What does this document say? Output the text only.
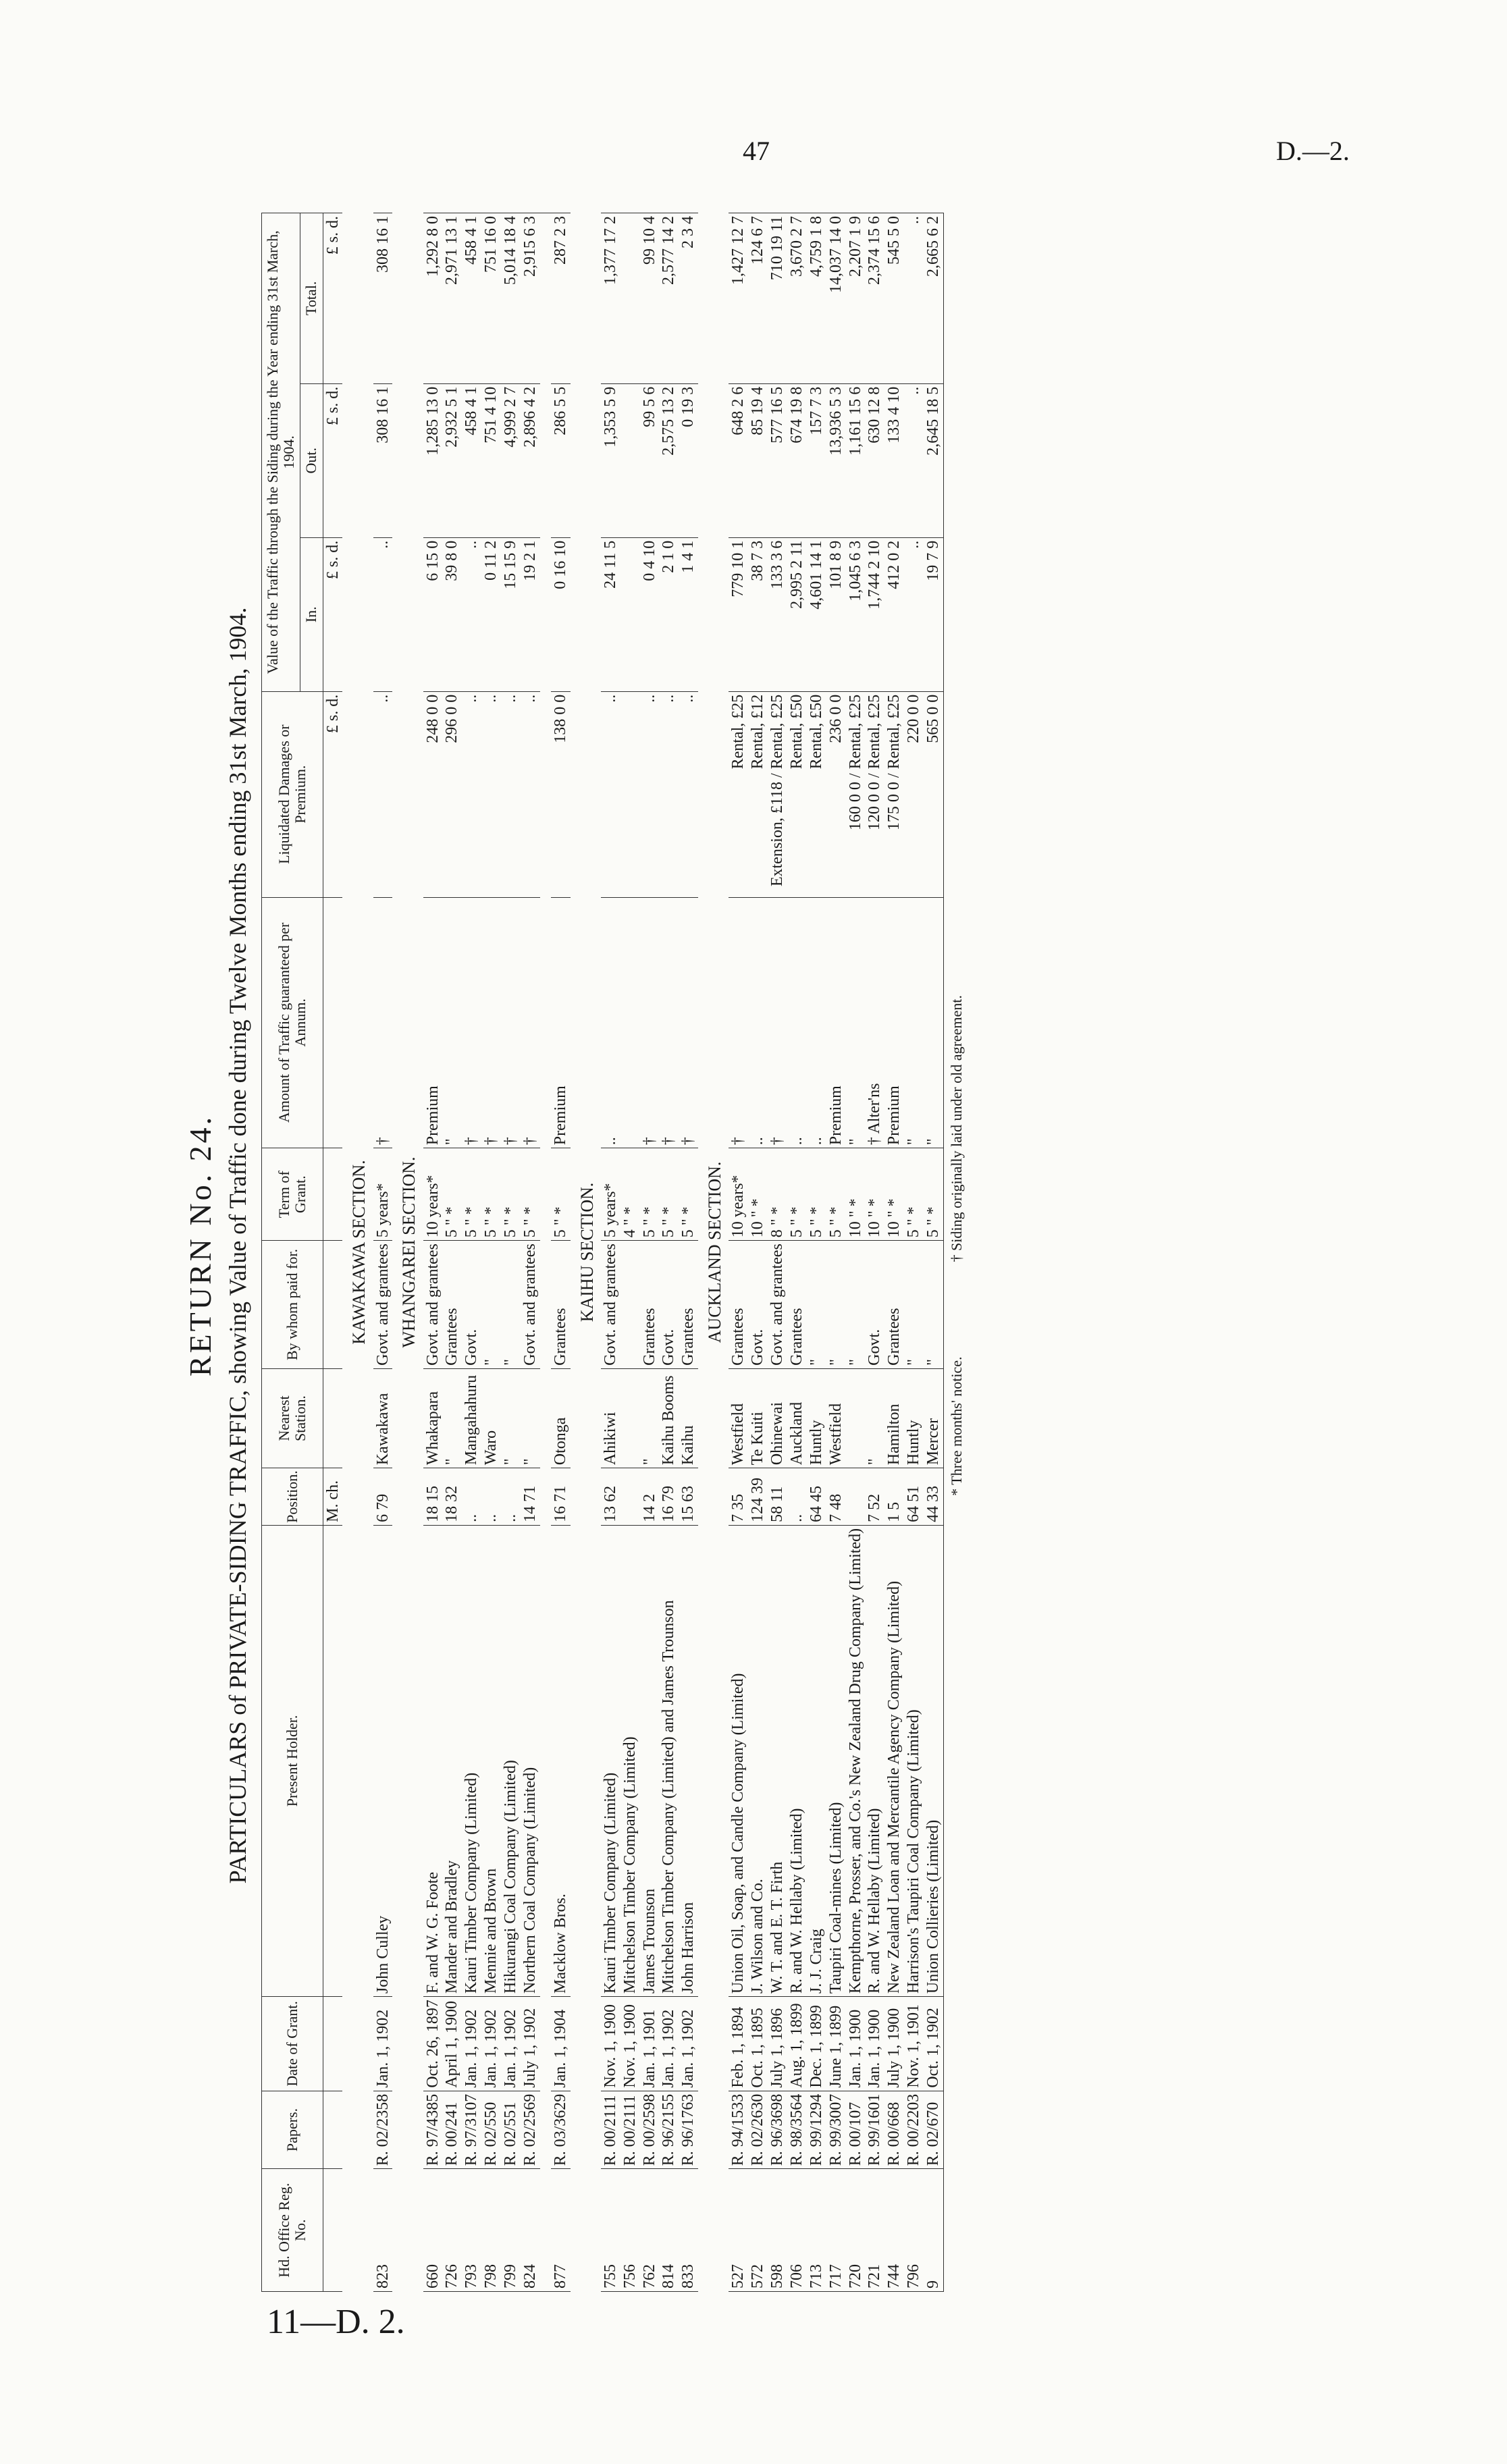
47	D.—2.
11—D. 2.
RETURN No. 24. PARTICULARS of PRIVATE-SIDING TRAFFIC, showing Value of Traffic done during Twelve Months ending 31st March, 1904.
Hd. Office Reg. No.	Papers.	Date of Grant.	Present Holder.	Position.	Nearest Station.	By whom paid for.	Term of Grant.	Amount of Traffic guaranteed per Annum.	Liquidated Damages or Premium.	Value of the Traffic through the Siding during the Year ending 31st March, 1904.		
										In.	Out.	Total.
				M. ch.					£ s. d.	£ s. d.	£ s. d.	£ s. d.
KAWAKAWA SECTION.												
823	R. 02/2358	Jan. 1, 1902	John Culley	6 79	Kawakawa	Govt. and grantees	5 years*	†	..	..	308 16 1	308 16 1
WHANGAREI SECTION.												
660	R. 97/4385	Oct. 26, 1897	F. and W. G. Foote	18 15	Whakapara	Govt. and grantees	10 years*	Premium	248 0 0	6 15 0	1,285 13 0	1,292 8 0
726	R. 00/241	April 1, 1900	Mander and Bradley	18 32	"	Grantees	5 " *	"	296 0 0	39 8 0	2,932 5 1	2,971 13 1
793	R. 97/3107	Jan. 1, 1902	Kauri Timber Company (Limited)	..	Mangahahuru	Govt.	5 " *	†	..	..	458 4 1	458 4 1
798	R. 02/550	Jan. 1, 1902	Mennie and Brown	..	Waro	"	5 " *	†	..	0 11 2	751 4 10	751 16 0
799	R. 02/551	Jan. 1, 1902	Hikurangi Coal Company (Limited)	..	"	"	5 " *	†	..	15 15 9	4,999 2 7	5,014 18 4
824	R. 02/2569	July 1, 1902	Northern Coal Company (Limited)	14 71	"	Govt. and grantees	5 " *	†	..	19 2 1	2,896 4 2	2,915 6 3

877	R. 03/3629	Jan. 1, 1904	Macklow Bros.	16 71	Otonga	Grantees	5 " *	Premium	138 0 0	0 16 10	286 5 5	287 2 3
KAIHU SECTION.												
755	R. 00/2111	Nov. 1, 1900	Kauri Timber Company (Limited)	13 62	Ahikiwi	Govt. and grantees	5 years*	..	..	24 11 5	1,353 5 9	1,377 17 2
756	R. 00/2111	Nov. 1, 1900	Mitchelson Timber Company (Limited)				4 " *					
762	R. 00/2598	Jan. 1, 1901	James Trounson	14 2	"	Grantees	5 " *	†	..	0 4 10	99 5 6	99 10 4
814	R. 96/2155	Jan. 1, 1902	Mitchelson Timber Company (Limited) and James Trounson	16 79	Kaihu Booms	Govt.	5 " *	†	..	2 1 0	2,575 13 2	2,577 14 2
833	R. 96/1763	Jan. 1, 1902	John Harrison	15 63	Kaihu	Grantees	5 " *	†	..	1 4 1	0 19 3	2 3 4
AUCKLAND SECTION.												
527	R. 94/1533	Feb. 1, 1894	Union Oil, Soap, and Candle Company (Limited)	7 35	Westfield	Grantees	10 years*	†	Rental, £25	779 10 1	648 2 6	1,427 12 7
572	R. 02/2630	Oct. 1, 1895	J. Wilson and Co.	124 39	Te Kuiti	Govt.	10 " *	..	Rental, £12	38 7 3	85 19 4	124 6 7
598	R. 96/3698	July 1, 1896	W. T. and E. T. Firth	58 11	Ohinewai	Govt. and grantees	8 " *	†	Extension, £118 / Rental, £25	133 3 6	577 16 5	710 19 11
706	R. 98/3564	Aug. 1, 1899	R. and W. Hellaby (Limited)	..	Auckland	Grantees	5 " *	..	Rental, £50	2,995 2 11	674 19 8	3,670 2 7
713	R. 99/1294	Dec. 1, 1899	J. J. Craig	64 45	Huntly	"	5 " *	..	Rental, £50	4,601 14 1	157 7 3	4,759 1 8
717	R. 99/3007	June 1, 1899	Taupiri Coal-mines (Limited)	7 48	Westfield	"	5 " *	Premium	236 0 0	101 8 9	13,936 5 3	14,037 14 0
720	R. 00/107	Jan. 1, 1900	Kempthorne, Prosser, and Co.'s New Zealand Drug Company (Limited)			"	10 " *	"	160 0 0 / Rental, £25	1,045 6 3	1,161 15 6	2,207 1 9
721	R. 99/1601	Jan. 1, 1900	R. and W. Hellaby (Limited)	7 52	"	Govt.	10 " *	† Alter'ns	120 0 0 / Rental, £25	1,744 2 10	630 12 8	2,374 15 6
744	R. 00/668	July 1, 1900	New Zealand Loan and Mercantile Agency Company (Limited)	1 5	Hamilton	Grantees	10 " *	Premium	175 0 0 / Rental, £25	412 0 2	133 4 10	545 5 0
796	R. 00/2203	Nov. 1, 1901	Harrison's Taupiri Coal Company (Limited)	64 51	Huntly	"	5 " *	"	220 0 0	..	..	..
9	R. 02/670	Oct. 1, 1902	Union Collieries (Limited)	44 33	Mercer	"	5 " *	"	565 0 0	19 7 9	2,645 18 5	2,665 6 2
* Three months' notice.
† Siding originally laid under old agreement.
